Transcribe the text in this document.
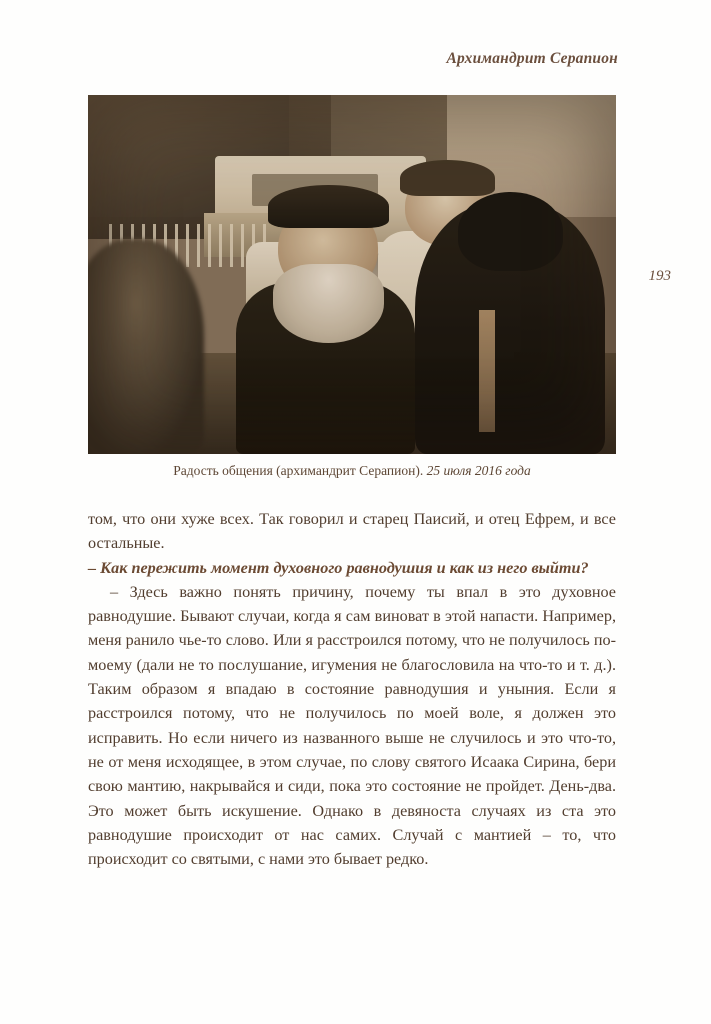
Архимандрит Серапион
193
Радость общения (архимандрит Серапион). 25 июля 2016 года

том, что они хуже всех. Так говорил и старец Паисий, и отец Ефрем, и все остальные.

– Как пережить момент духовного равнодушия и как из него выйти?

– Здесь важно понять причину, почему ты впал в это духовное равнодушие. Бывают случаи, когда я сам виноват в этой напасти. Например, меня ранило чье-то слово. Или я расстроился потому, что не получилось по-моему (дали не то послушание, игумения не благословила на что-то и т. д.). Таким образом я впадаю в состояние равнодушия и уныния. Если я расстроился потому, что не получилось по моей воле, я должен это исправить. Но если ничего из названного выше не случилось и это что-то, не от меня исходящее, в этом случае, по слову святого Исаака Сирина, бери свою мантию, накрывайся и сиди, пока это состояние не пройдет. День-два. Это может быть искушение. Однако в девяноста случаях из ста это равнодушие происходит от нас самих. Случай с мантией – то, что происходит со святыми, с нами это бывает редко.
